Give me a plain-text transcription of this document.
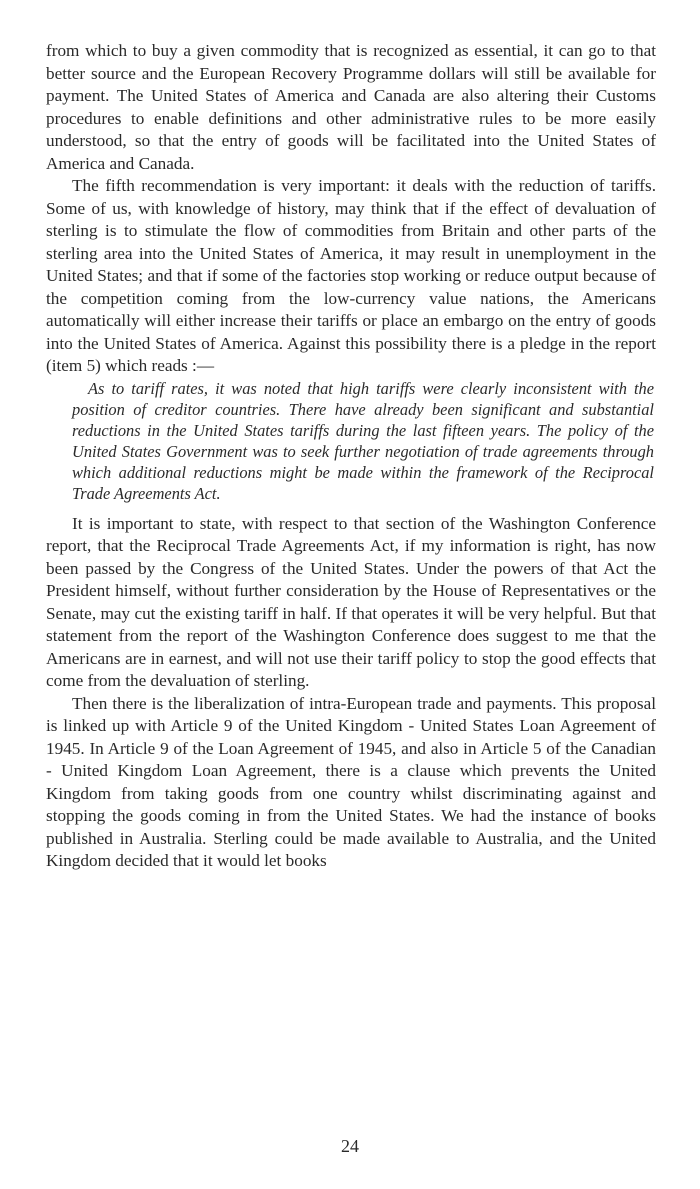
from which to buy a given commodity that is recognized as essential, it can go to that better source and the European Recovery Programme dollars will still be available for payment. The United States of America and Canada are also altering their Customs procedures to enable definitions and other administrative rules to be more easily understood, so that the entry of goods will be facilitated into the United States of America and Canada.

The fifth recommendation is very important: it deals with the reduction of tariffs. Some of us, with knowledge of history, may think that if the effect of devaluation of sterling is to stimulate the flow of commodities from Britain and other parts of the sterling area into the United States of America, it may result in unemployment in the United States; and that if some of the factories stop working or reduce output because of the competition coming from the low-currency value nations, the Americans automatically will either increase their tariffs or place an embargo on the entry of goods into the United States of America. Against this possibility there is a pledge in the report (item 5) which reads :—

As to tariff rates, it was noted that high tariffs were clearly inconsistent with the position of creditor countries. There have already been significant and substantial reductions in the United States tariffs during the last fifteen years. The policy of the United States Government was to seek further negotiation of trade agreements through which additional reductions might be made within the framework of the Reciprocal Trade Agreements Act.

It is important to state, with respect to that section of the Washington Conference report, that the Reciprocal Trade Agreements Act, if my information is right, has now been passed by the Congress of the United States. Under the powers of that Act the President himself, without further consideration by the House of Representatives or the Senate, may cut the existing tariff in half. If that operates it will be very helpful. But that statement from the report of the Washington Conference does suggest to me that the Americans are in earnest, and will not use their tariff policy to stop the good effects that come from the devaluation of sterling.

Then there is the liberalization of intra-European trade and payments. This proposal is linked up with Article 9 of the United Kingdom - United States Loan Agreement of 1945. In Article 9 of the Loan Agreement of 1945, and also in Article 5 of the Canadian - United Kingdom Loan Agreement, there is a clause which prevents the United Kingdom from taking goods from one country whilst discriminating against and stopping the goods coming in from the United States. We had the instance of books published in Australia. Sterling could be made available to Australia, and the United Kingdom decided that it would let books

24
